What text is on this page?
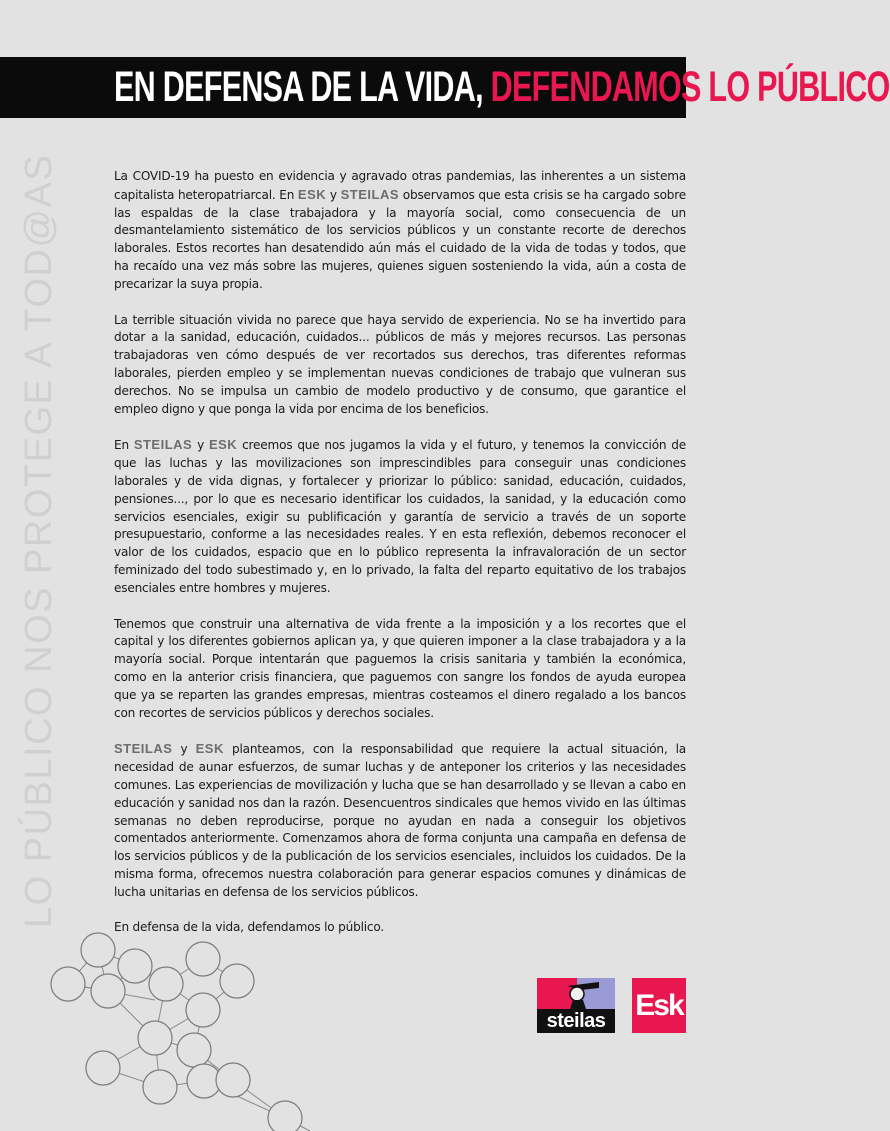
EN DEFENSA DE LA VIDA, DEFENDAMOS LO PÚBLICO
LO PÚBLICO NOS PROTEGE A TOD@AS	La COVID-19 ha puesto en evidencia y agravado otras pandemias, las inherentes a un sistema capitalista heteropatriarcal. En ESK y STEILAS observamos que esta crisis se ha cargado sobre las espaldas de la clase trabajadora y la mayoría social, como consecuencia de un desmantelamiento sistemático de los servicios públicos y un constante recorte de derechos laborales. Estos recortes han desatendido aún más el cuidado de la vida de todas y todos, que ha recaído una vez más sobre las mujeres, quienes siguen sosteniendo la vida, aún a costa de precarizar la suya propia.

La terrible situación vivida no parece que haya servido de experiencia. No se ha invertido para dotar a la sanidad, educación, cuidados... públicos de más y mejores recursos. Las personas trabajadoras ven cómo después de ver recortados sus derechos, tras diferentes reformas laborales, pierden empleo y se implementan nuevas condiciones de trabajo que vulneran sus derechos. No se impulsa un cambio de modelo productivo y de consumo, que garantice el empleo digno y que ponga la vida por encima de los beneficios.

En STEILAS y ESK creemos que nos jugamos la vida y el futuro, y tenemos la convicción de que las luchas y las movilizaciones son imprescindibles para conseguir unas condiciones laborales y de vida dignas, y fortalecer y priorizar lo público: sanidad, educación, cuidados, pensiones..., por lo que es necesario identificar los cuidados, la sanidad, y la educación como servicios esenciales, exigir su publificación y garantía de servicio a través de un soporte presupuestario, conforme a las necesidades reales. Y en esta reflexión, debemos reconocer el valor de los cuidados, espacio que en lo público representa la infravaloración de un sector feminizado del todo subestimado y, en lo privado, la falta del reparto equitativo de los trabajos esenciales entre hombres y mujeres.

Tenemos que construir una alternativa de vida frente a la imposición y a los recortes que el capital y los diferentes gobiernos aplican ya, y que quieren imponer a la clase trabajadora y a la mayoría social. Porque intentarán que paguemos la crisis sanitaria y también la económica, como en la anterior crisis financiera, que paguemos con sangre los fondos de ayuda europea que ya se reparten las grandes empresas, mientras costeamos el dinero regalado a los bancos con recortes de servicios públicos y derechos sociales.

STEILAS y ESK planteamos, con la responsabilidad que requiere la actual situación, la necesidad de aunar esfuerzos, de sumar luchas y de anteponer los criterios y las necesidades comunes. Las experiencias de movilización y lucha que se han desarrollado y se llevan a cabo en educación y sanidad nos dan la razón. Desencuentros sindicales que hemos vivido en las últimas semanas no deben reproducirse, porque no ayudan en nada a conseguir los objetivos comentados anteriormente. Comenzamos ahora de forma conjunta una campaña en defensa de los servicios públicos y de la publicación de los servicios esenciales, incluidos los cuidados. De la misma forma, ofrecemos nuestra colaboración para generar espacios comunes y dinámicas de lucha unitarias en defensa de los servicios públicos.

En defensa de la vida, defendamos lo público.

steilas Esk
